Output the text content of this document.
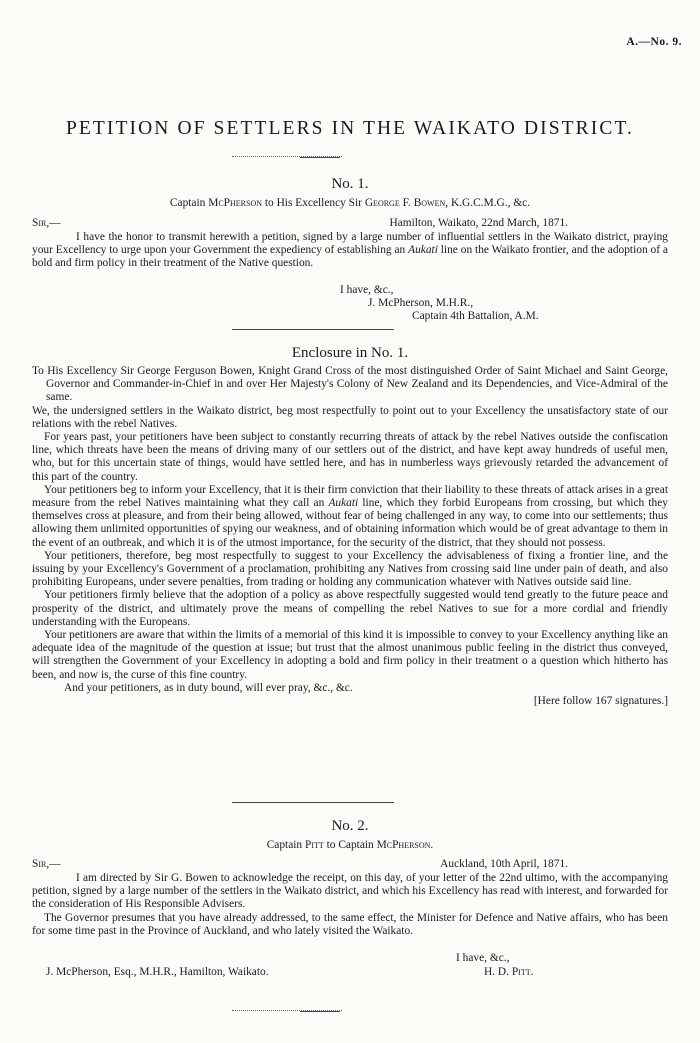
A.—No. 9.
PETITION OF SETTLERS IN THE WAIKATO DISTRICT.
No. 1.
Captain McPherson to His Excellency Sir George F. Bowen, K.G.C.M.G., &c.
Sir,—	Hamilton, Waikato, 22nd March, 1871.
I have the honor to transmit herewith a petition, signed by a large number of influential settlers in the Waikato district, praying your Excellency to urge upon your Government the expediency of establishing an Aukati line on the Waikato frontier, and the adoption of a bold and firm policy in their treatment of the Native question.
I have, &c.,
J. McPherson, M.H.R.,
Captain 4th Battalion, A.M.
Enclosure in No. 1.
To His Excellency Sir George Ferguson Bowen, Knight Grand Cross of the most distinguished Order of Saint Michael and Saint George, Governor and Commander-in-Chief in and over Her Majesty's Colony of New Zealand and its Dependencies, and Vice-Admiral of the same.
We, the undersigned settlers in the Waikato district, beg most respectfully to point out to your Excellency the unsatisfactory state of our relations with the rebel Natives.
For years past, your petitioners have been subject to constantly recurring threats of attack by the rebel Natives outside the confiscation line, which threats have been the means of driving many of our settlers out of the district, and have kept away hundreds of useful men, who, but for this uncertain state of things, would have settled here, and has in numberless ways grievously retarded the advancement of this part of the country.
Your petitioners beg to inform your Excellency, that it is their firm conviction that their liability to these threats of attack arises in a great measure from the rebel Natives maintaining what they call an Aukati line, which they forbid Europeans from crossing, but which they themselves cross at pleasure, and from their being allowed, without fear of being challenged in any way, to come into our settlements; thus allowing them unlimited opportunities of spying our weakness, and of obtaining information which would be of great advantage to them in the event of an outbreak, and which it is of the utmost importance, for the security of the district, that they should not possess.
Your petitioners, therefore, beg most respectfully to suggest to your Excellency the advisableness of fixing a frontier line, and the issuing by your Excellency's Government of a proclamation, prohibiting any Natives from crossing said line under pain of death, and also prohibiting Europeans, under severe penalties, from trading or holding any communication whatever with Natives outside said line.
Your petitioners firmly believe that the adoption of a policy as above respectfully suggested would tend greatly to the future peace and prosperity of the district, and ultimately prove the means of compelling the rebel Natives to sue for a more cordial and friendly understanding with the Europeans.
Your petitioners are aware that within the limits of a memorial of this kind it is impossible to convey to your Excellency anything like an adequate idea of the magnitude of the question at issue; but trust that the almost unanimous public feeling in the district thus conveyed, will strengthen the Government of your Excellency in adopting a bold and firm policy in their treatment o a question which hitherto has been, and now is, the curse of this fine country.
And your petitioners, as in duty bound, will ever pray, &c., &c.
[Here follow 167 signatures.]
No. 2.
Captain Pitt to Captain McPherson.
Sir,—	Auckland, 10th April, 1871.
I am directed by Sir G. Bowen to acknowledge the receipt, on this day, of your letter of the 22nd ultimo, with the accompanying petition, signed by a large number of the settlers in the Waikato district, and which his Excellency has read with interest, and forwarded for the consideration of His Responsible Advisers.
The Governor presumes that you have already addressed, to the same effect, the Minister for Defence and Native affairs, who has been for some time past in the Province of Auckland, and who lately visited the Waikato.
I have, &c.,
J. McPherson, Esq., M.H.R., Hamilton, Waikato.	H. D. Pitt.
